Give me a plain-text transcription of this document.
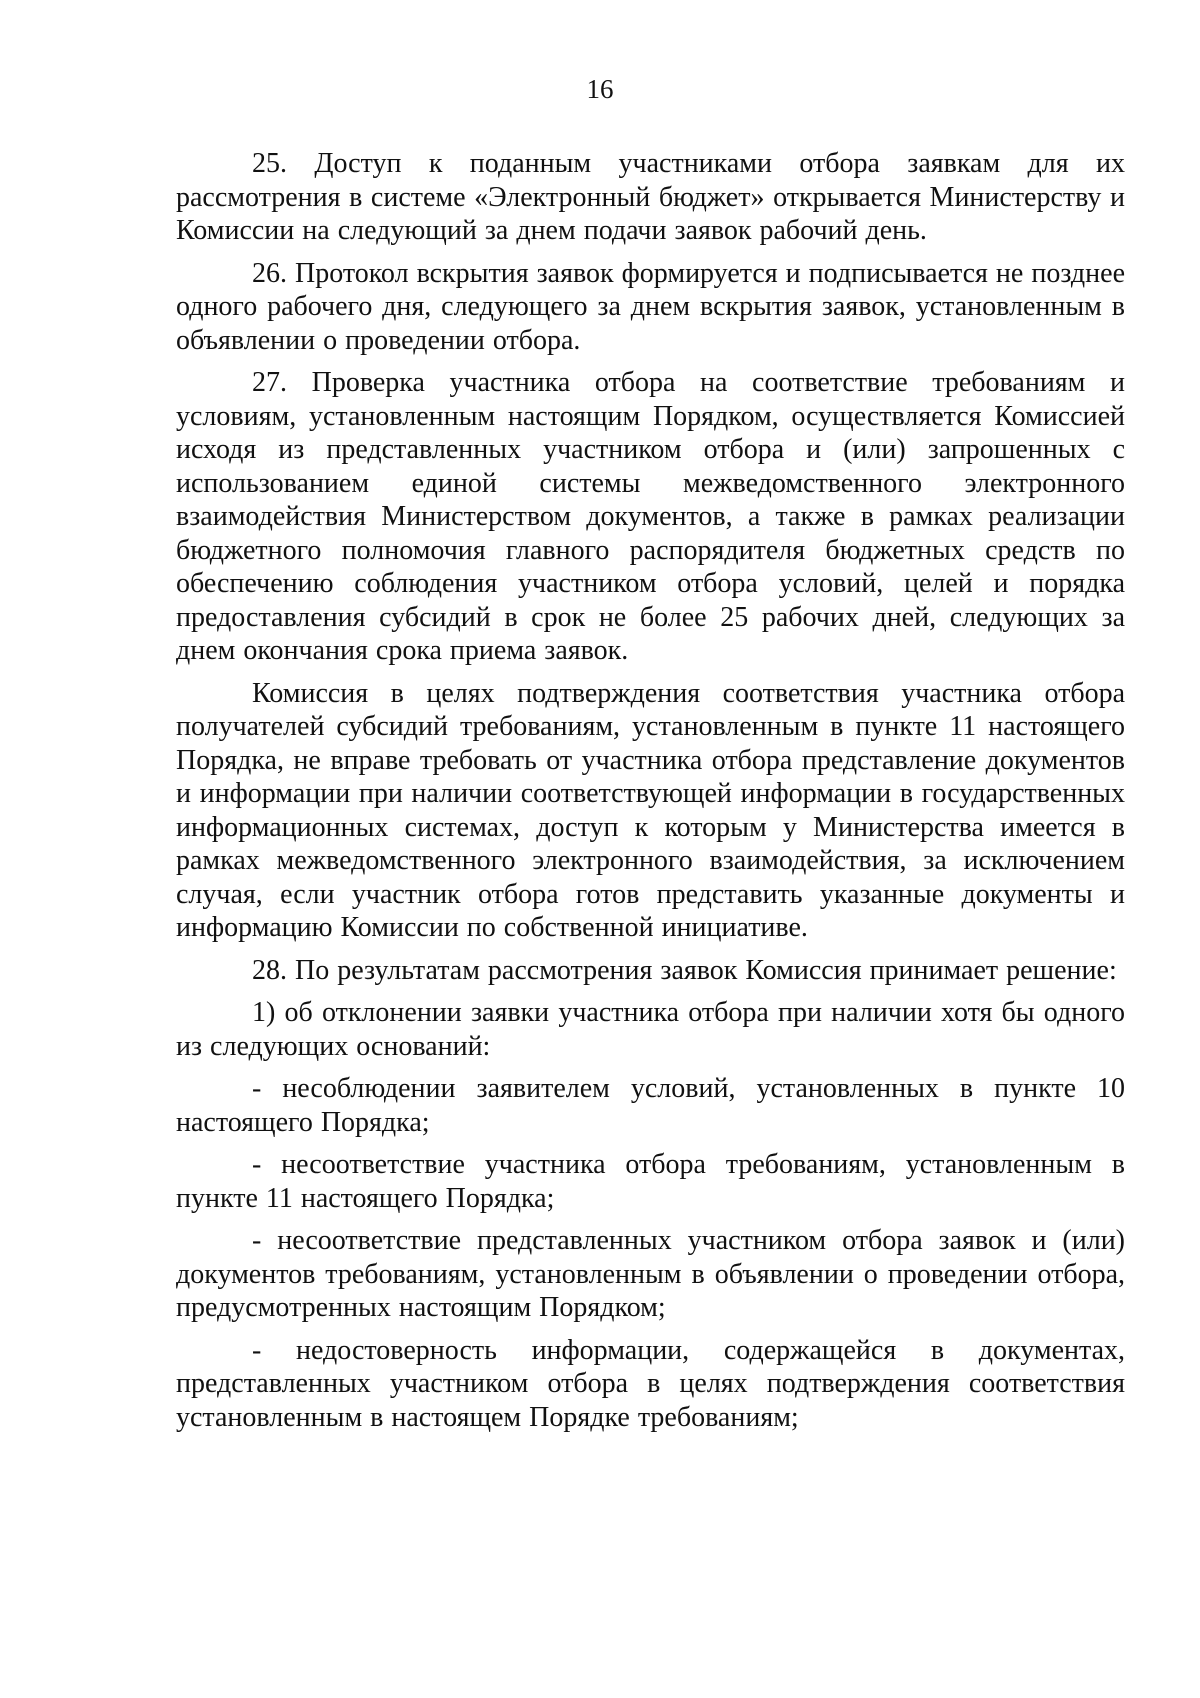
16

25. Доступ к поданным участниками отбора заявкам для их рассмотрения в системе «Электронный бюджет» открывается Министерству и Комиссии на следующий за днем подачи заявок рабочий день.

26. Протокол вскрытия заявок формируется и подписывается не позднее одного рабочего дня, следующего за днем вскрытия заявок, установленным в объявлении о проведении отбора.

27. Проверка участника отбора на соответствие требованиям и условиям, установленным настоящим Порядком, осуществляется Комиссией исходя из представленных участником отбора и (или) запрошенных с использованием единой системы межведомственного электронного взаимодействия Министерством документов, а также в рамках реализации бюджетного полномочия главного распорядителя бюджетных средств по обеспечению соблюдения участником отбора условий, целей и порядка предоставления субсидий в срок не более 25 рабочих дней, следующих за днем окончания срока приема заявок.

Комиссия в целях подтверждения соответствия участника отбора получателей субсидий требованиям, установленным в пункте 11 настоящего Порядка, не вправе требовать от участника отбора представление документов и информации при наличии соответствующей информации в государственных информационных системах, доступ к которым у Министерства имеется в рамках межведомственного электронного взаимодействия, за исключением случая, если участник отбора готов представить указанные документы и информацию Комиссии по собственной инициативе.

28. По результатам рассмотрения заявок Комиссия принимает решение:

1) об отклонении заявки участника отбора при наличии хотя бы одного из следующих оснований:

- несоблюдении заявителем условий, установленных в пункте 10 настоящего Порядка;

- несоответствие участника отбора требованиям, установленным в пункте 11 настоящего Порядка;

- несоответствие представленных участником отбора заявок и (или) документов требованиям, установленным в объявлении о проведении отбора, предусмотренных настоящим Порядком;

- недостоверность информации, содержащейся в документах, представленных участником отбора в целях подтверждения соответствия установленным в настоящем Порядке требованиям;
